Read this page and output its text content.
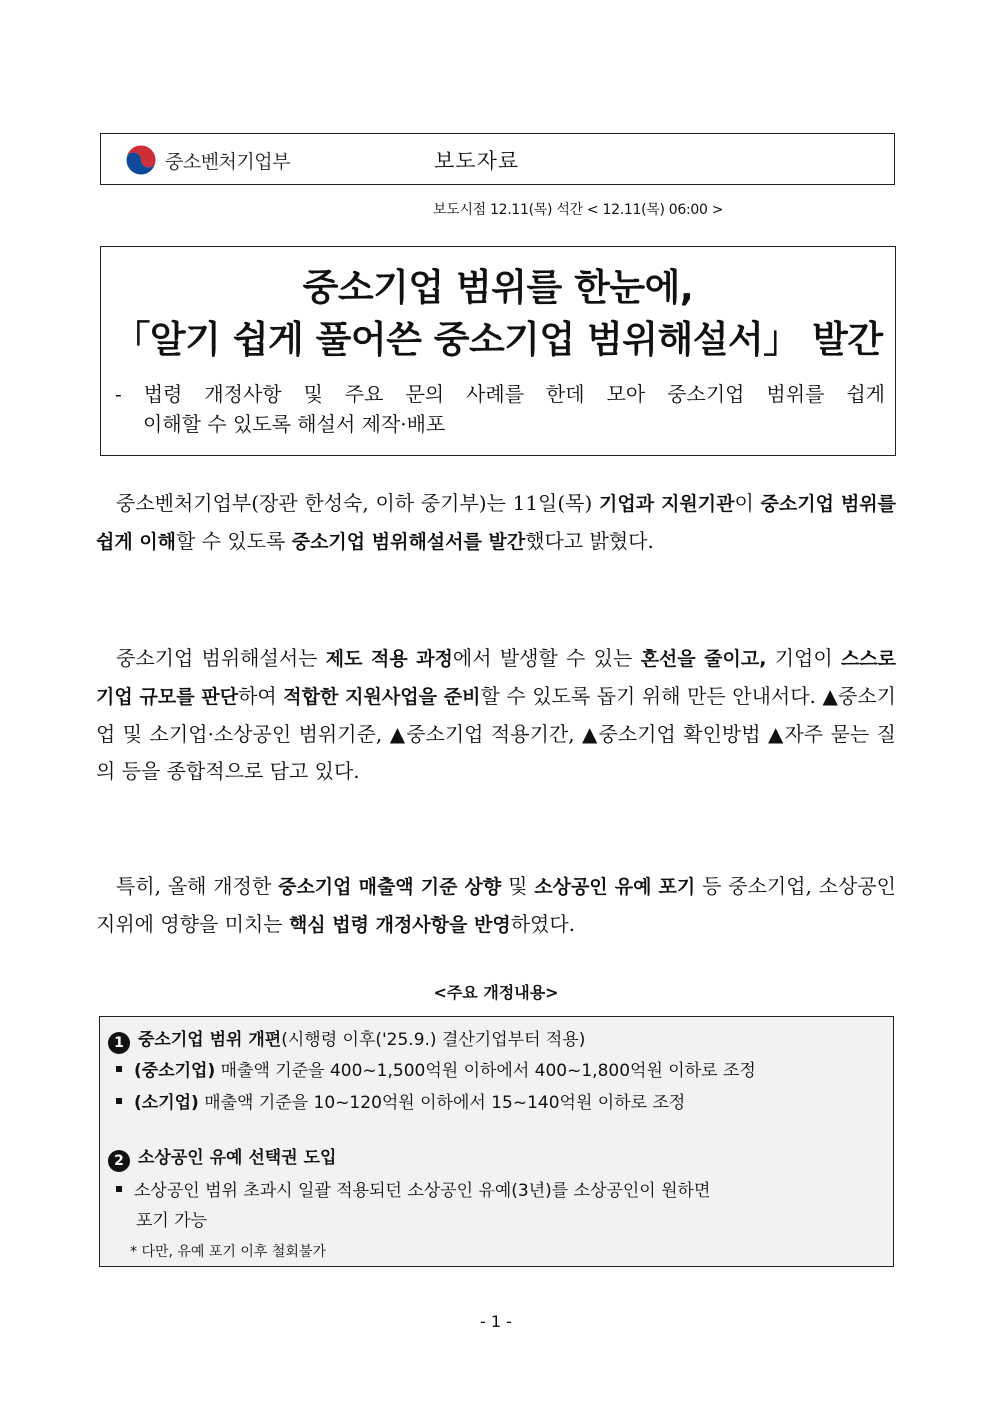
중소벤처기업부	보도자료
보도시점 12.11(목) 석간 < 12.11(목) 06:00 >
중소기업 범위를 한눈에,
「알기 쉽게 풀어쓴 중소기업 범위해설서」 발간
- 법령 개정사항 및 주요 문의 사례를 한데 모아 중소기업 범위를 쉽게
이해할 수 있도록 해설서 제작·배포

중소벤처기업부(장관 한성숙, 이하 중기부)는 11일(목) 기업과 지원기관이 중소기업 범위를 쉽게 이해할 수 있도록 중소기업 범위해설서를 발간했다고 밝혔다.

중소기업 범위해설서는 제도 적용 과정에서 발생할 수 있는 혼선을 줄이고, 기업이 스스로 기업 규모를 판단하여 적합한 지원사업을 준비할 수 있도록 돕기 위해 만든 안내서다. ▲중소기업 및 소기업·소상공인 범위기준, ▲중소기업 적용기간, ▲중소기업 확인방법 ▲자주 묻는 질의 등을 종합적으로 담고 있다.

특히, 올해 개정한 중소기업 매출액 기준 상향 및 소상공인 유예 포기 등 중소기업, 소상공인 지위에 영향을 미치는 핵심 법령 개정사항을 반영하였다.

<주요 개정내용>
1 중소기업 범위 개편(시행령 이후('25.9.) 결산기업부터 적용)
(중소기업) 매출액 기준을 400~1,500억원 이하에서 400~1,800억원 이하로 조정
(소기업) 매출액 기준을 10~120억원 이하에서 15~140억원 이하로 조정
2 소상공인 유예 선택권 도입
소상공인 범위 초과시 일괄 적용되던 소상공인 유예(3년)를 소상공인이 원하면
포기 가능
* 다만, 유예 포기 이후 철회불가
- 1 -
